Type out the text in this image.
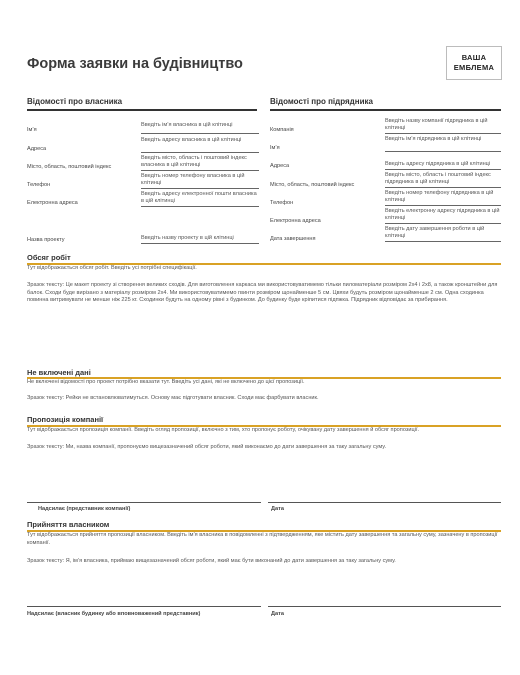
Форма заявки на будівництво	ВАША
ЕМБЛЕМА
Відомості про власника
Ім’я
Введіть ім’я власника в цій клітинці
Адреса
Введіть адресу власника в цій клітинці
Місто, область, поштовий індекс
Введіть місто, область і поштовий індекс власника в цій клітинці
Телефон
Введіть номер телефону власника в цій клітинці
Електронна адреса
Введіть адресу електронної пошти власника в цій клітинці
Назва проекту	Введіть назву проекту в цій клітинці
Відомості про підрядника
Компанія
Введіть назву компанії підрядника в цій клітинці
Ім’я
Введіть ім’я підрядника в цій клітинці
Адреса	Введіть адресу підрядника в цій клітинці
Місто, область, поштовий індекс
Введіть місто, область і поштовий індекс підрядника в цій клітинці
Телефон
Введіть номер телефону підрядника в цій клітинці
Електронна адреса
Введіть електронну адресу підрядника в цій клітинці
Дата завершення
Введіть дату завершення роботи в цій клітинці
Обсяг робіт
Тут відображається обсяг робіт. Введіть усі потрібні специфікації.
Зразок тексту: Це макет проекту зі створення великих сходів. Для виготовлення каркаса ми використовуватимемо тільки пиломатеріали розміром 2x4 і 2x8, а також кронштейни для балок. Сходи буде вирізано з матеріалу розміром 2x4. Ми використовуватимемо гвинти розміром щонайменше 5 см. Цвяхи будуть розміром щонайменше 2 см. Одна сходинка повинна витримувати не менше ніж 225 кг. Сходинки будуть на одному рівні з будинком. До будинку буде кріпитися підпжка. Підрядник відповідає за прибирання.
Не включені дані
Не включені відомості про проект потрібно вказати тут. Введіть усі дані, які не включено до цієї пропозиції.
Зразок тексту: Рейки не встановлюватимуться. Основу має підготувати власник. Сходи має фарбувати власник.
Пропозиція компанії
Тут відображається пропозиція компанії. Введіть огляд пропозиції, включно з тим, хто пропонує роботу, очікувану дату завершення й обсяг пропозиції.
Зразок тексту: Ми, назва компанії, пропонуємо вищезазначений обсяг роботи, який виконаємо до дати завершення за таку загальну суму.
Надсилає (представник компанії)	Дата
Прийняття власником
Тут відображається прийняття пропозиції власником. Введіть ім’я власника в повідомленні з підтвердженням, яке містить дату завершення та загальну суму, зазначену в пропозиції компанії.
Зразок тексту: Я, ім’я власника, приймаю вищезазначений обсяг роботи, який має бути виконаний до дати завершення за таку загальну суму.
Надсилає (власник будинку або вповноважений представник)	Дата
